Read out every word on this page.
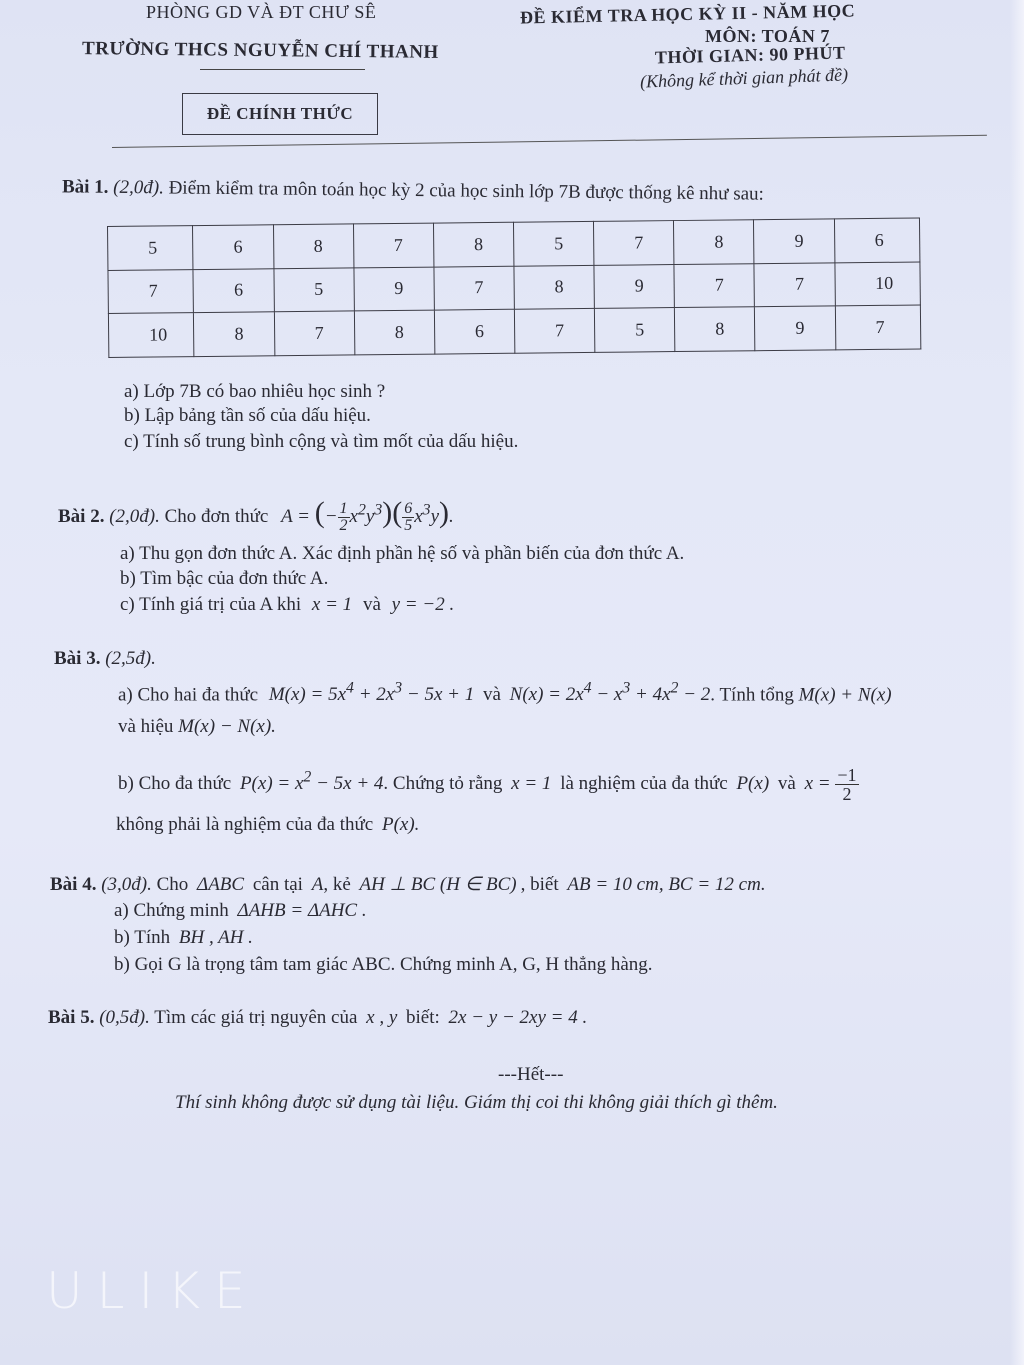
PHÒNG GD VÀ ĐT CHƯ SÊ
TRƯỜNG THCS NGUYỄN CHÍ THANH
ĐỀ KIỂM TRA HỌC KỲ II - NĂM HỌC
MÔN: TOÁN 7
THỜI GIAN: 90 PHÚT
(Không kể thời gian phát đề)
ĐỀ CHÍNH THỨC
Bài 1. (2,0đ). Điểm kiểm tra môn toán học kỳ 2 của học sinh lớp 7B được thống kê như sau:
5	6	8	7	8	5	7	8	9	6
7	6	5	9	7	8	9	7	7	10
10	8	7	8	6	7	5	8	9	7
a) Lớp 7B có bao nhiêu học sinh ?
b) Lập bảng tần số của dấu hiệu.
c) Tính số trung bình cộng và tìm mốt của dấu hiệu.
Bài 2. (2,0đ). Cho đơn thức A = (− $\frac{1}{2} x^2y^3)( \frac{6}{5} x^3y)$.
a) Thu gọn đơn thức A. Xác định phần hệ số và phần biến của đơn thức A.
b) Tìm bậc của đơn thức A.
c) Tính giá trị của A khi x = 1 và y = −2 .
Bài 3. (2,5đ).
a) Cho hai đa thức $M(x) = 5x^4 + 2x^3 - 5x + 1$ và $N(x) = 2x^4 - x^3 + 4x^2 - 2$. Tính tổng M(x) + N(x)
và hiệu M(x) − N(x).
b) Cho đa thức $P(x) = x^2 - 5x + 4$. Chứng tỏ rằng x = 1 là nghiệm của đa thức P(x) và $x = \frac{-1}{2}$
không phải là nghiệm của đa thức P(x).
Bài 4. (3,0đ). Cho ΔABC cân tại A, kẻ AH ⊥ BC (H ∈ BC) , biết AB = 10 cm, BC = 12 cm.
a) Chứng minh ΔAHB = ΔAHC .
b) Tính BH , AH .
b) Gọi G là trọng tâm tam giác ABC. Chứng minh A, G, H thẳng hàng.
Bài 5. (0,5đ). Tìm các giá trị nguyên của x , y biết: 2x − y − 2xy = 4 .
---Hết---
Thí sinh không được sử dụng tài liệu. Giám thị coi thi không giải thích gì thêm.
ULIKE
